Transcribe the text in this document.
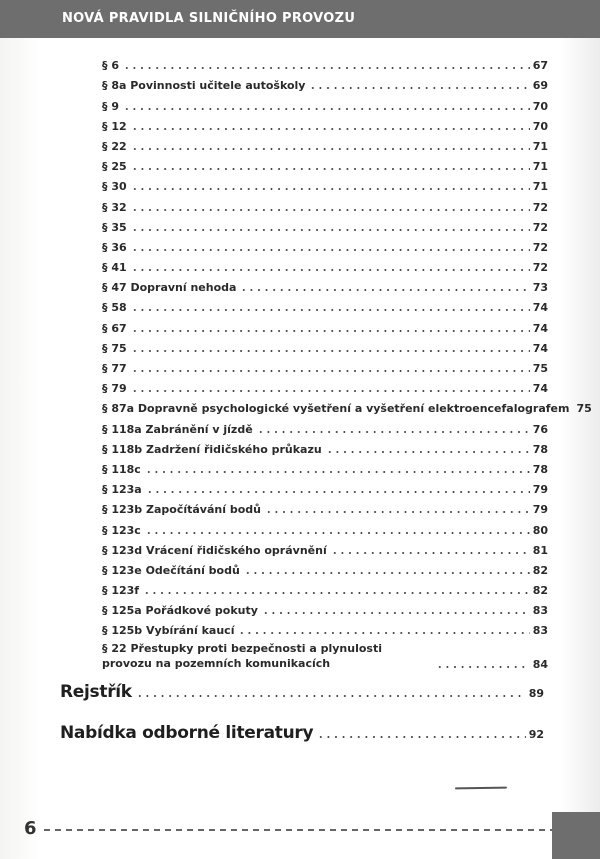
NOVÁ PRAVIDLA SILNIČNÍHO PROVOZU
§ 6	67
§ 8a Povinnosti učitele autoškoly	69
§ 9	70
§ 12	70
§ 22	71
§ 25	71
§ 30	71
§ 32	72
§ 35	72
§ 36	72
§ 41	72
§ 47 Dopravní nehoda	73
§ 58	74
§ 67	74
§ 75	74
§ 77	75
§ 79	74
§ 87a Dopravně psychologické vyšetření a vyšetření elektroencefalografem 75
§ 118a Zabránění v jízdě	76
§ 118b Zadržení řidičského průkazu	78
§ 118c	78
§ 123a	79
§ 123b Započítávání bodů	79
§ 123c	80
§ 123d Vrácení řidičského oprávnění	81
§ 123e Odečítání bodů	82
§ 123f	82
§ 125a Pořádkové pokuty	83
§ 125b Vybírání kaucí	83
§ 22 Přestupky proti bezpečnosti a plynulosti provozu na pozemních komunikacích	84
Rejstřík	89
Nabídka odborné literatury	92
6
